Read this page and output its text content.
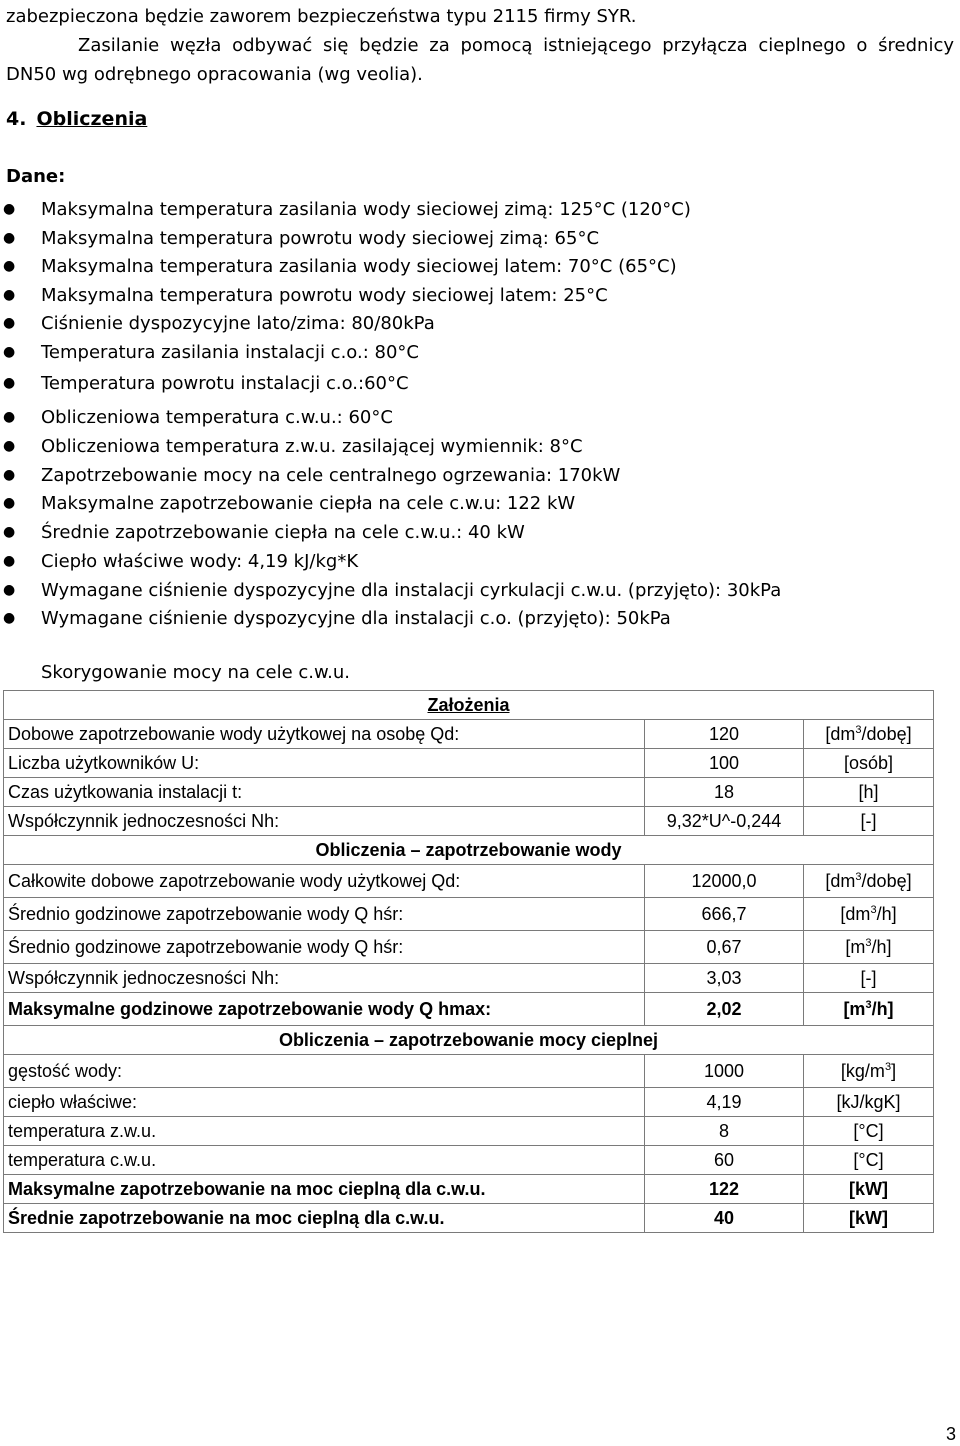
zabezpieczona będzie zaworem bezpieczeństwa typu 2115 firmy SYR.

Zasilanie węzła odbywać się będzie za pomocą istniejącego przyłącza cieplnego o średnicy DN50 wg odrębnego opracowania (wg veolia).

4. Obliczenia
Dane:
● Maksymalna temperatura zasilania wody sieciowej zimą: 125°C (120°C)
● Maksymalna temperatura powrotu wody sieciowej zimą: 65°C
● Maksymalna temperatura zasilania wody sieciowej latem: 70°C (65°C)
● Maksymalna temperatura powrotu wody sieciowej latem: 25°C
● Ciśnienie dyspozycyjne lato/zima: 80/80kPa
● Temperatura zasilania instalacji c.o.: 80°C
● Temperatura powrotu instalacji c.o.:60°C
● Obliczeniowa temperatura c.w.u.: 60°C
● Obliczeniowa temperatura z.w.u. zasilającej wymiennik: 8°C
● Zapotrzebowanie mocy na cele centralnego ogrzewania: 170kW
● Maksymalne zapotrzebowanie ciepła na cele c.w.u: 122 kW
● Średnie zapotrzebowanie ciepła na cele c.w.u.: 40 kW
● Ciepło właściwe wody: 4,19 kJ/kg*K
● Wymagane ciśnienie dyspozycyjne dla instalacji cyrkulacji c.w.u. (przyjęto): 30kPa
● Wymagane ciśnienie dyspozycyjne dla instalacji c.o. (przyjęto): 50kPa
Skorygowanie mocy na cele c.w.u.
Założenia		
Dobowe zapotrzebowanie wody użytkowej na osobę Qd:	120	$[dm^3/dobę]$
Liczba użytkowników U:	100	[osób]
Czas użytkowania instalacji t:	18	[h]
Współczynnik jednoczesności Nh:	9,32*U^-0,244	[-]
Obliczenia – zapotrzebowanie wody		
Całkowite dobowe zapotrzebowanie wody użytkowej Qd:	12000,0	$[dm^3/dobę]$
Średnio godzinowe zapotrzebowanie wody Q hśr:	666,7	$[dm^3/h]$
Średnio godzinowe zapotrzebowanie wody Q hśr:	0,67	$[m^3/h]$
Współczynnik jednoczesności Nh:	3,03	[-]
Maksymalne godzinowe zapotrzebowanie wody Q hmax:	2,02	$[m^3/h]$
Obliczenia – zapotrzebowanie mocy cieplnej		
gęstość wody:	1000	$[kg/m^3]$
ciepło właściwe:	4,19	[kJ/kgK]
temperatura z.w.u.	8	[°C]
temperatura c.w.u.	60	[°C]
Maksymalne zapotrzebowanie na moc cieplną dla c.w.u.	122	[kW]
Średnie zapotrzebowanie na moc cieplną dla c.w.u.	40	[kW]
3
